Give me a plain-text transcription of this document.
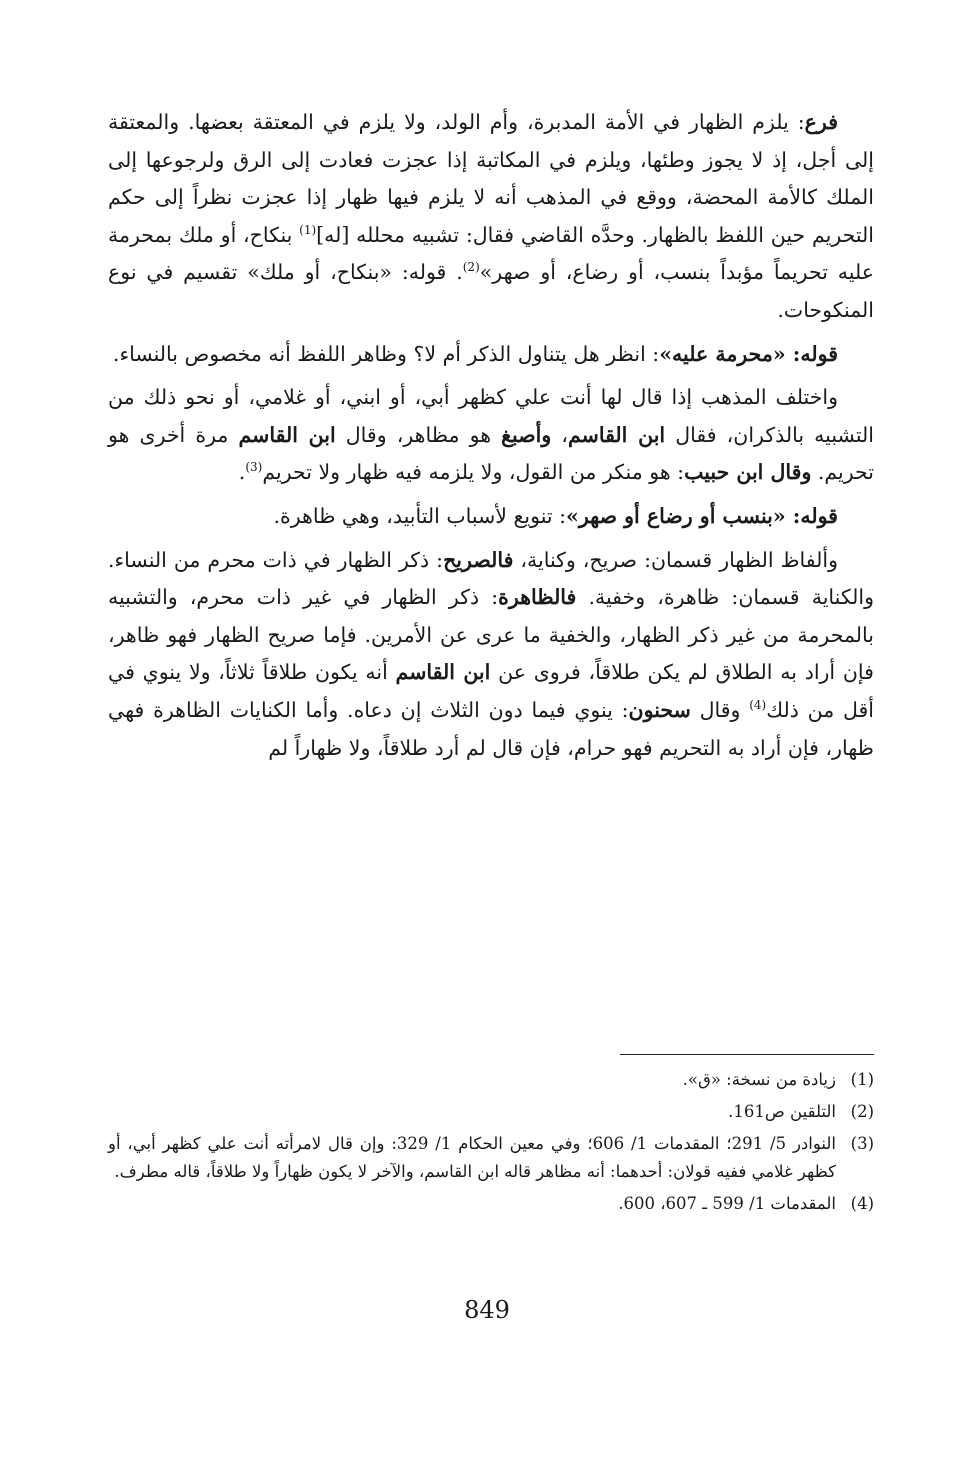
فرع: يلزم الظهار في الأمة المدبرة، وأم الولد، ولا يلزم في المعتقة بعضها. والمعتقة إلى أجل، إذ لا يجوز وطئها، ويلزم في المكاتبة إذا عجزت فعادت إلى الرق ولرجوعها إلى الملك كالأمة المحضة، ووقع في المذهب أنه لا يلزم فيها ظهار إذا عجزت نظراً إلى حكم التحريم حين اللفظ بالظهار. وحدَّه القاضي فقال: تشبيه محلله [له]$^{(1)}$ بنكاح، أو ملك بمحرمة عليه تحريماً مؤبداً بنسب، أو رضاع، أو صهر»$^{(2)}$. قوله: «بنكاح، أو ملك» تقسيم في نوع المنكوحات.

قوله: «محرمة عليه»: انظر هل يتناول الذكر أم لا؟ وظاهر اللفظ أنه مخصوص بالنساء.

واختلف المذهب إذا قال لها أنت علي كظهر أبي، أو ابني، أو غلامي، أو نحو ذلك من التشبيه بالذكران، فقال ابن القاسم، وأصبغ هو مظاهر، وقال ابن القاسم مرة أخرى هو تحريم. وقال ابن حبيب: هو منكر من القول، ولا يلزمه فيه ظهار ولا تحريم$^{(3)}$.

قوله: «بنسب أو رضاع أو صهر»: تنويع لأسباب التأبيد، وهي ظاهرة.

وألفاظ الظهار قسمان: صريح، وكناية، فالصريح: ذكر الظهار في ذات محرم من النساء. والكناية قسمان: ظاهرة، وخفية. فالظاهرة: ذكر الظهار في غير ذات محرم، والتشبيه بالمحرمة من غير ذكر الظهار، والخفية ما عرى عن الأمرين. فإما صريح الظهار فهو ظاهر، فإن أراد به الطلاق لم يكن طلاقاً، فروى عن ابن القاسم أنه يكون طلاقاً ثلاثاً، ولا ينوي في أقل من ذلك$^{(4)}$ وقال سحنون: ينوي فيما دون الثلاث إن دعاه. وأما الكنايات الظاهرة فهي ظهار، فإن أراد به التحريم فهو حرام، فإن قال لم أرد طلاقاً، ولا ظهاراً لم

(1)
زيادة من نسخة: «ق».
(2)
التلقين ص161.
(3)
النوادر 5/ 291؛ المقدمات 1/ 606؛ وفي معين الحكام 1/ 329: وإن قال لامرأته أنت علي كظهر أبي، أو كظهر غلامي ففيه قولان: أحدهما: أنه مظاهر قاله ابن القاسم، والآخر لا يكون ظهاراً ولا طلاقاً، قاله مطرف.
(4)
المقدمات 1/ 599 ـ 607، 600.
849
